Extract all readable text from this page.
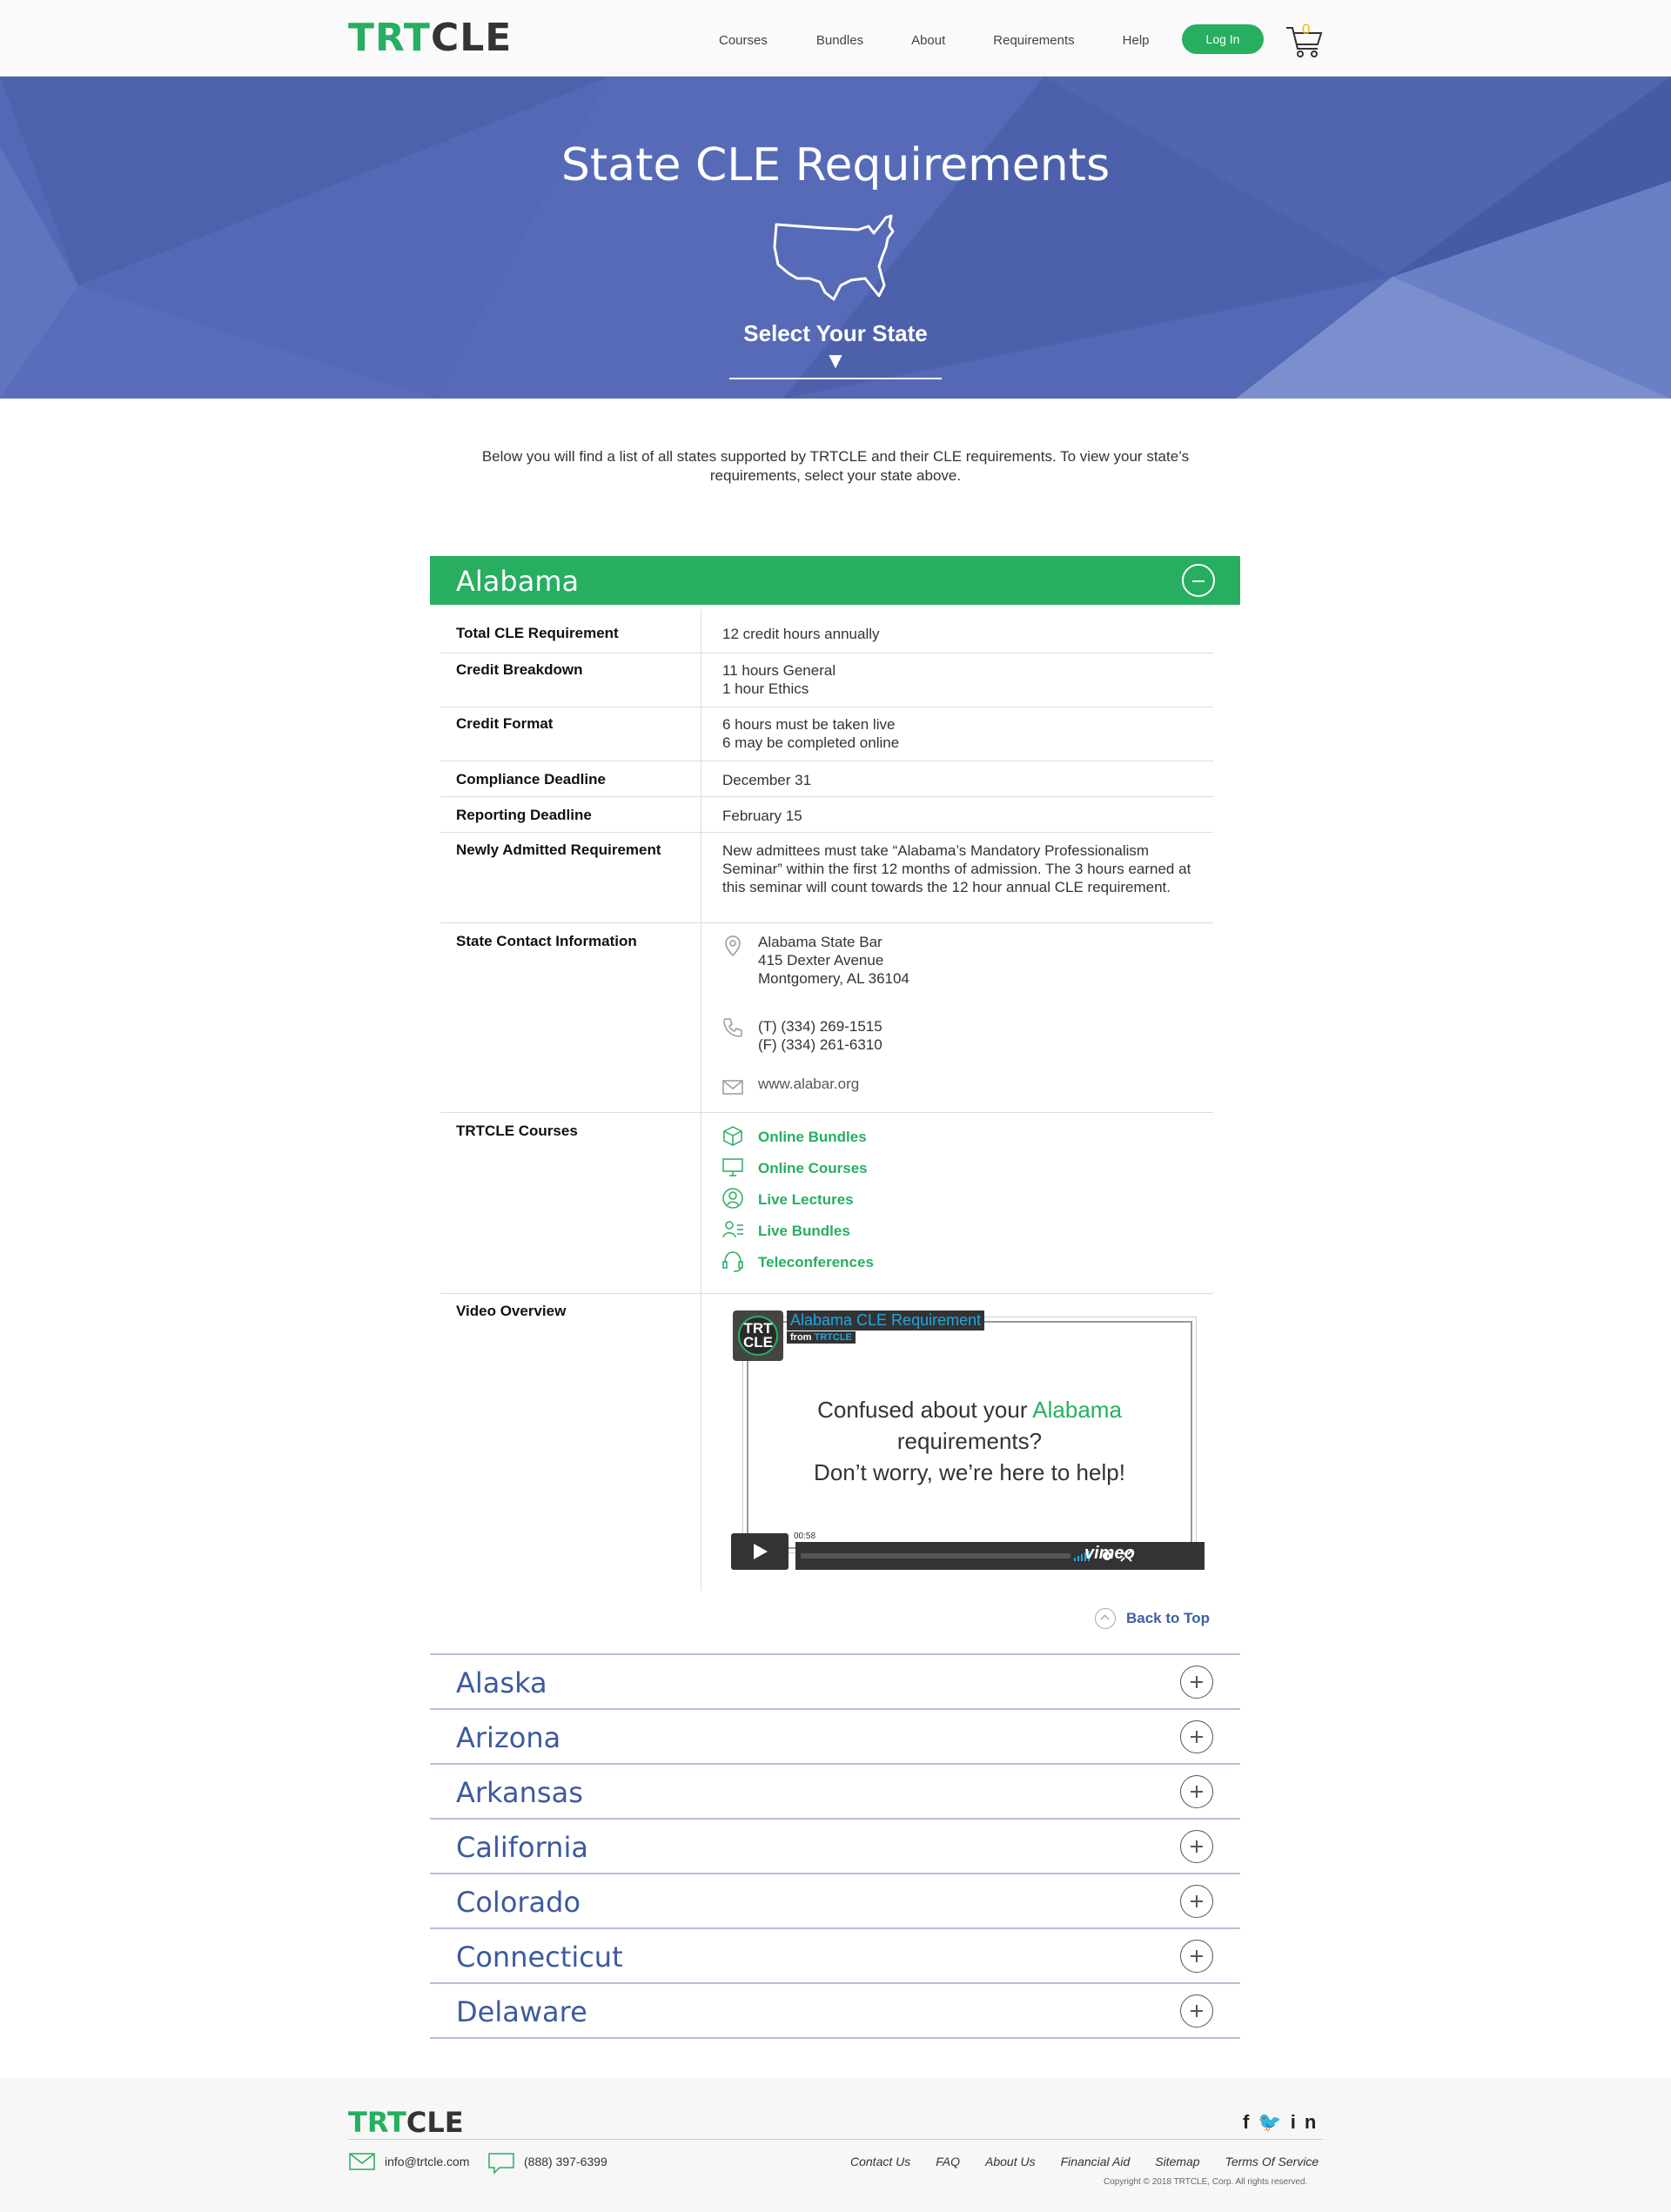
TRTCLE	Courses	Bundles	About	Requirements	Help	Log In
0
State CLE Requirements
Select Your State ▼

Below you will find a list of all states supported by TRTCLE and their CLE requirements. To view your state’s requirements, select your state above.

Alabama
Total CLE Requirement	12 credit hours annually
Credit Breakdown	11 hours General
1 hour Ethics
Credit Format	6 hours must be taken live
6 may be completed online
Compliance Deadline	December 31
Reporting Deadline	February 15
Newly Admitted Requirement	New admittees must take “Alabama’s Mandatory Professionalism Seminar” within the first 12 months of admission. The 3 hours earned at this seminar will count towards the 12 hour annual CLE requirement.
State Contact Information	Alabama State Bar
415 Dexter Avenue
Montgomery, AL 36104
(T) (334) 269-1515
(F) (334) 261-6310
www.alabar.org
TRTCLE Courses	Online Bundles
Online Courses
Live Lectures
Live Bundles
Teleconferences
Video Overview
TRT
CLE
Alabama CLE Requirement
from TRTCLE
Confused about your Alabama
requirements?
Don’t worry, we’re here to help!
00:58
vimeo
Back to Top
Alaska
Arizona
Arkansas
California
Colorado
Connecticut
Delaware
TRTCLE	f🐦in
info@trtcle.com	(888) 397-6399	Contact Us FAQ About Us Financial Aid Sitemap Terms Of Service
Copyright © 2018 TRTCLE, Corp. All rights reserved.
